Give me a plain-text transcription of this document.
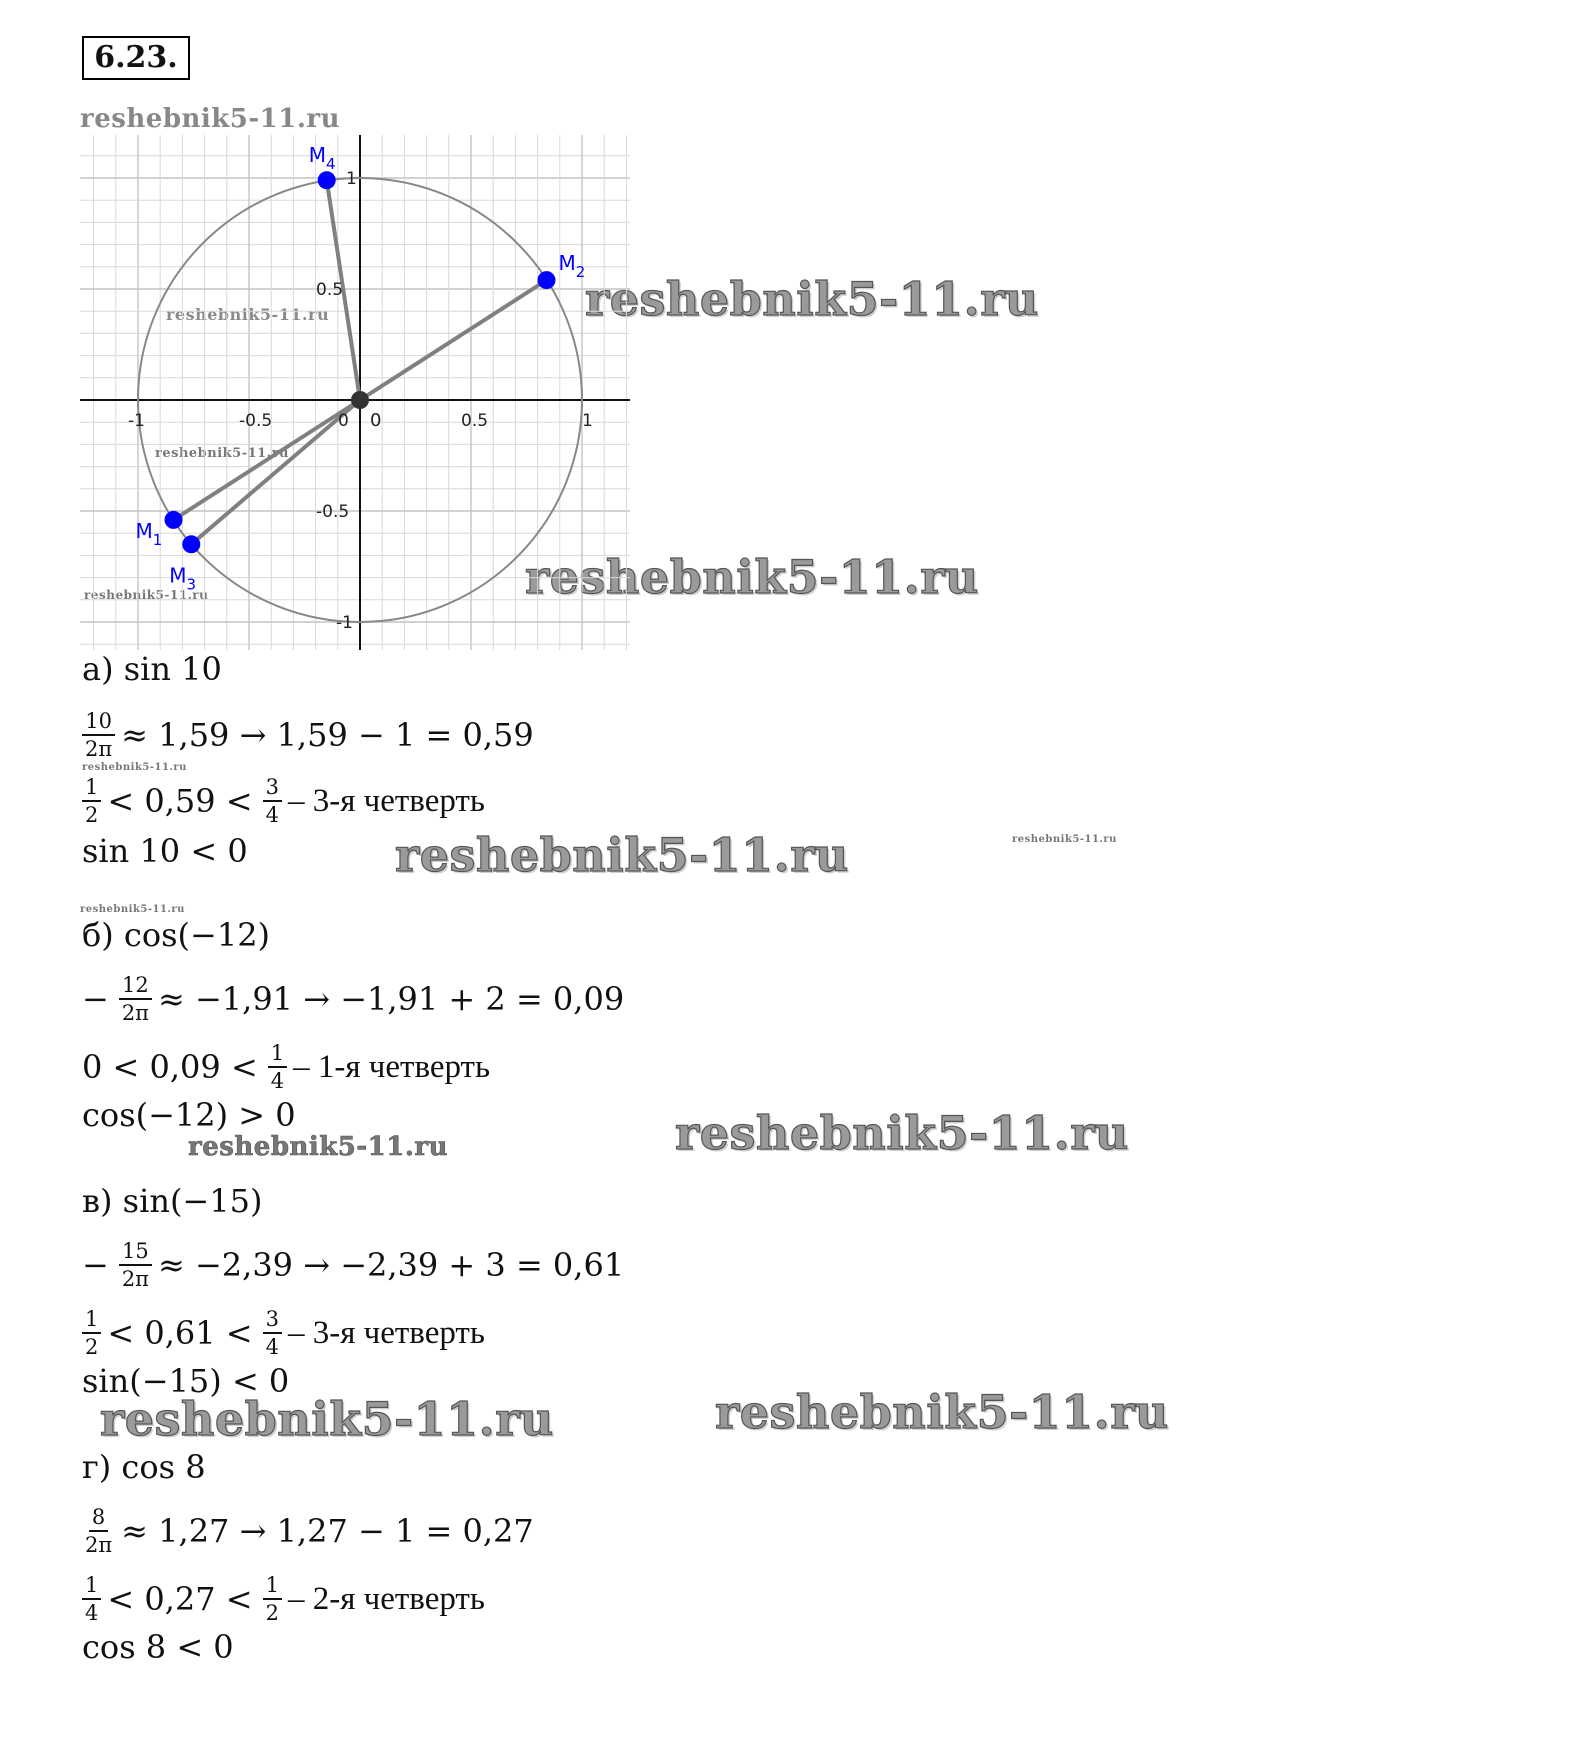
6.23.
reshebnik5-11.ru
reshebnik5-11.ru
reshebnik5-11.ru
reshebnik5-11.ru
reshebnik5-11.ru
reshebnik5-11.ru
reshebnik5-11.ru
reshebnik5-11.ru	reshebnik5-11.ru
reshebnik5-11.ru
reshebnik5-11.ru	reshebnik5-11.ru
reshebnik5-11.ru	reshebnik5-11.ru
-1	-0.5	0	0.5	1
1
0.5
-0.5
-1
0
$M_1$
$M_2$
$M_3$
$M_4$
а) sin 10
$\frac{10}{2\pi} \approx 1,59 \to 1,59 - 1 = 0,59$
$\frac{1}{2} < 0,59 < \frac{3}{4} - 3-я$ четверть
sin 10 < 0
б) cos(−12)
− $\frac{12}{2\pi} \approx -1,91 \to -1,91 + 2 = 0,09$
$0 < 0,09 < \frac{1}{4} - 1-я$ четверть
cos(−12) > 0
в) sin(−15)
− $\frac{15}{2\pi} \approx -2,39 \to -2,39 + 3 = 0,61$
$\frac{1}{2} < 0,61 < \frac{3}{4} - 3-я$ четверть
sin(−15) < 0
г) cos 8
$\frac{8}{2\pi} \approx 1,27 \to 1,27 - 1 = 0,27$
$\frac{1}{4} < 0,27 < \frac{1}{2} - 2-я$ четверть
cos 8 < 0
